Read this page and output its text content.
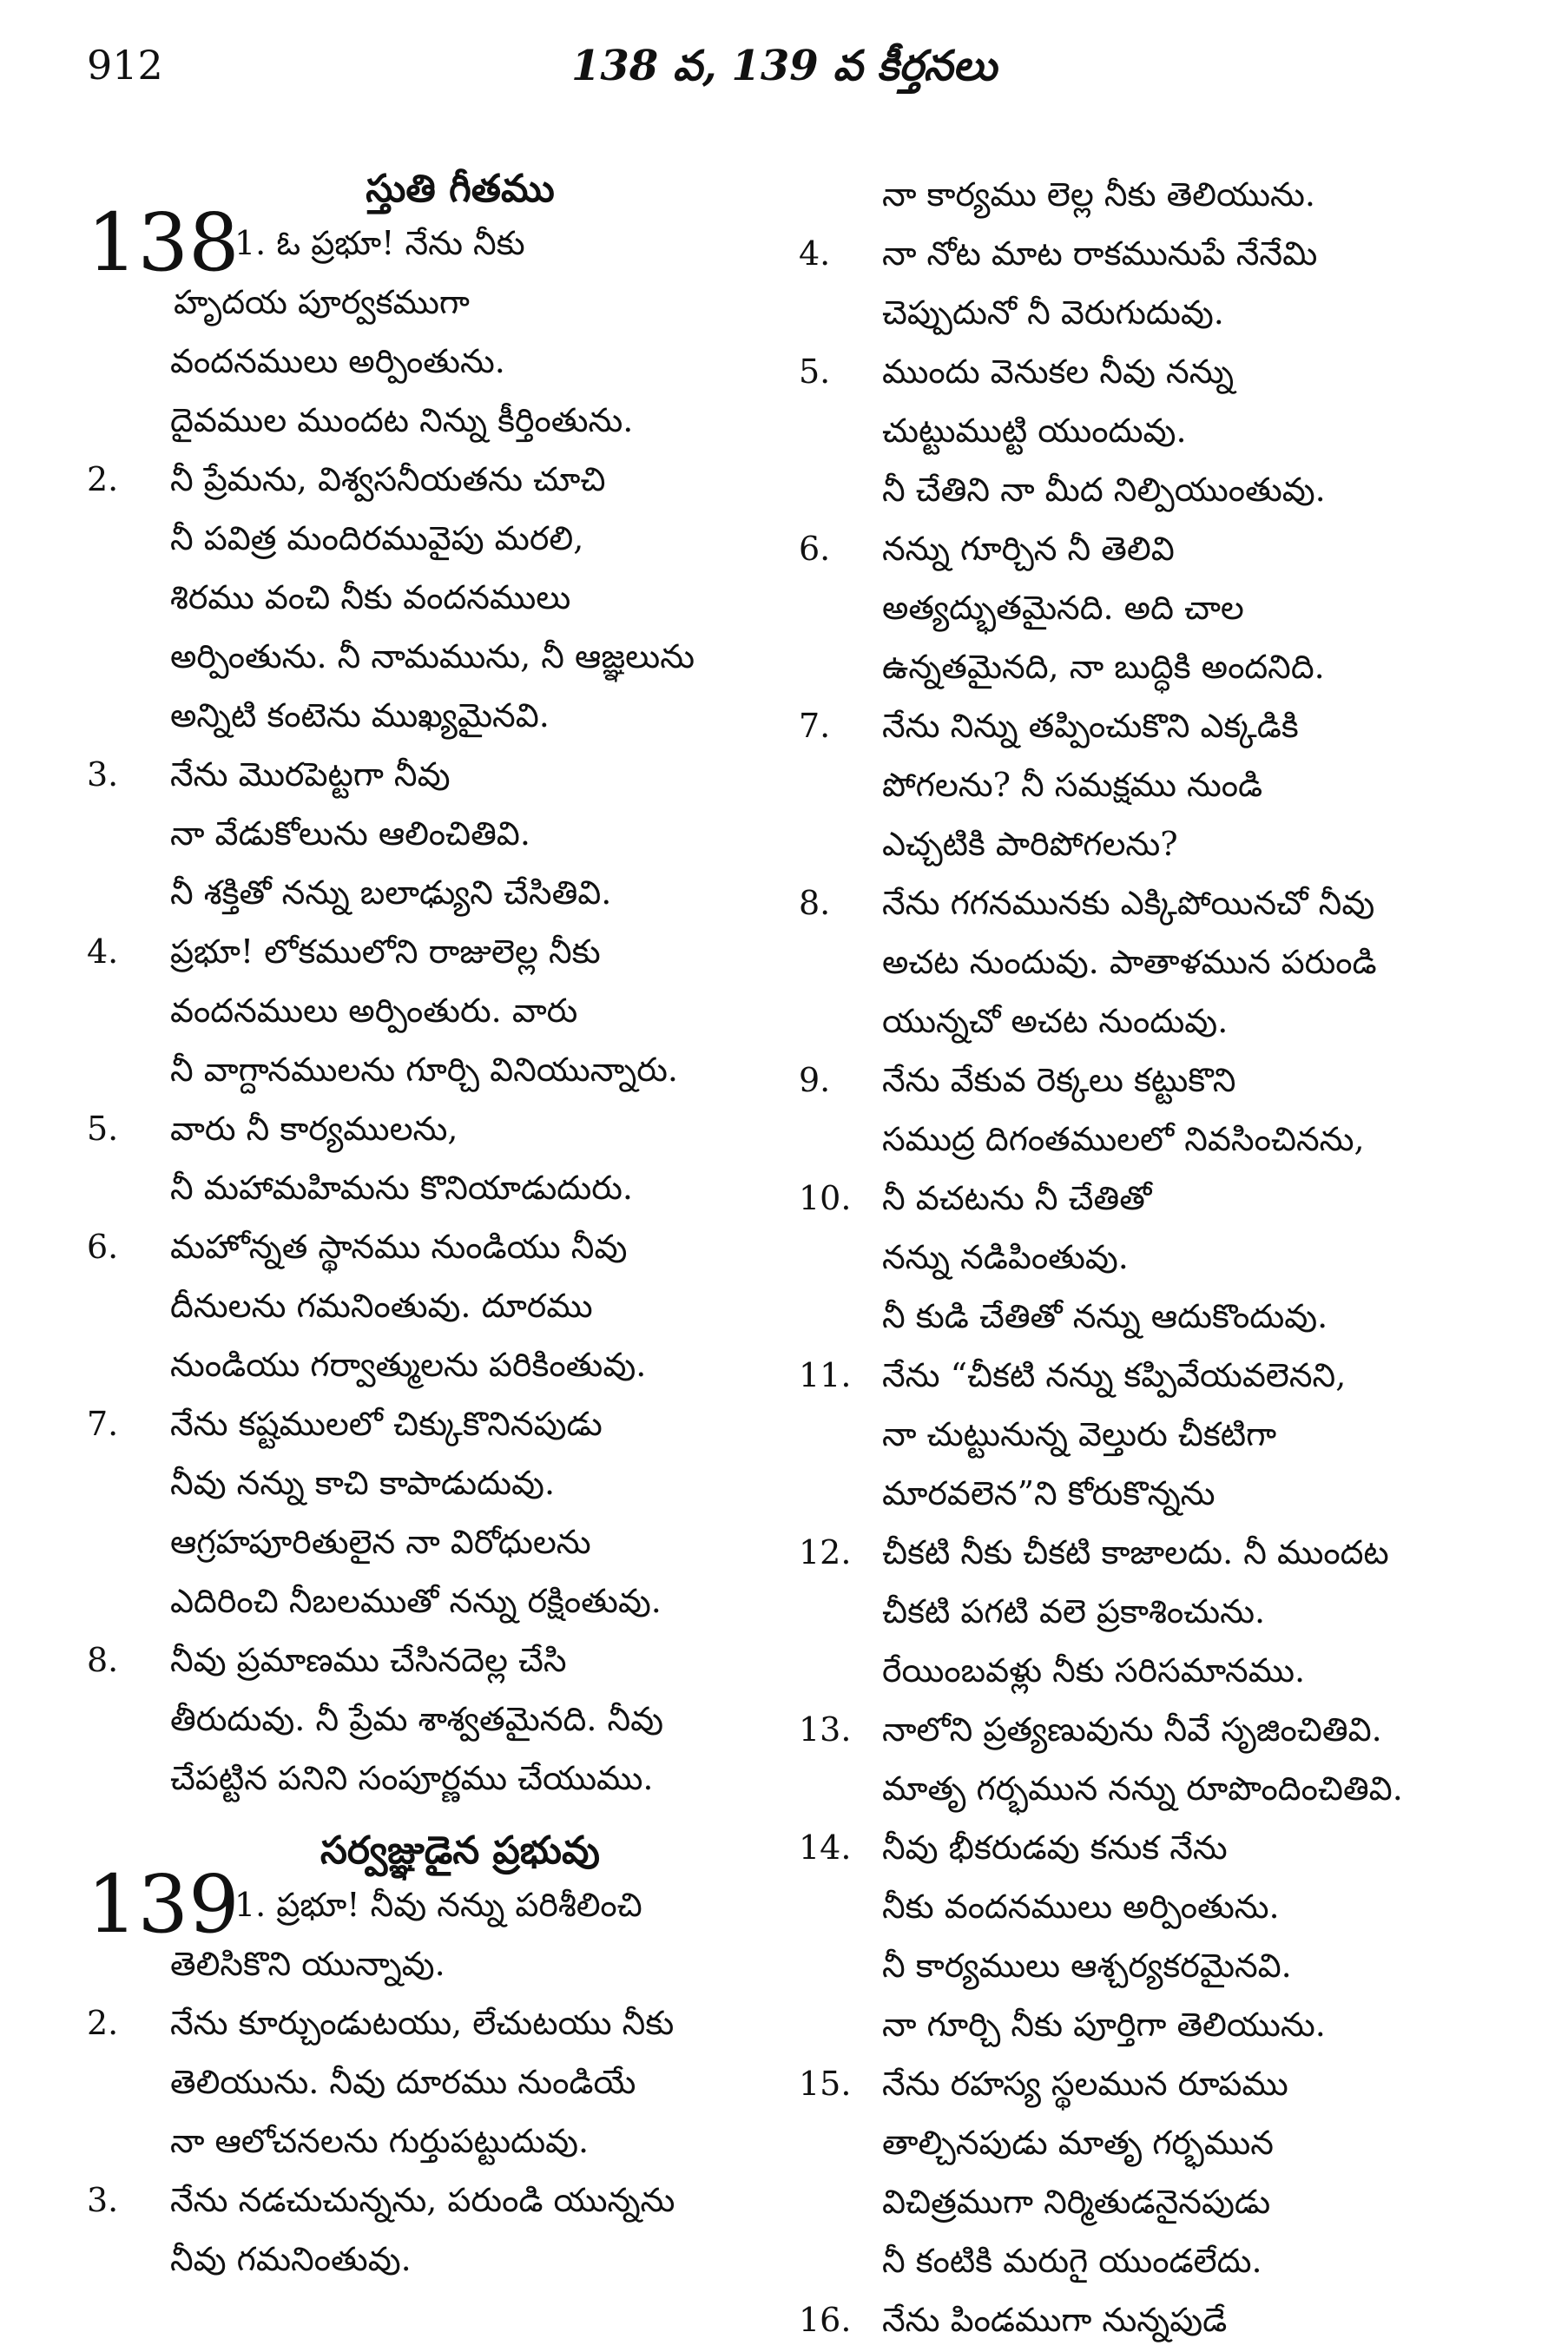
912	138 వ, 139 వ కీర్తనలు
స్తుతి గీతము
138
1. ఓ ప్రభూ! నేను నీకు
హృదయ పూర్వకముగా
వందనములు అర్పింతును.
దైవముల ముందట నిన్ను కీర్తింతును.
2. నీ ప్రేమను, విశ్వసనీయతను చూచి
నీ పవిత్ర మందిరమువైపు మరలి,
శిరము వంచి నీకు వందనములు
అర్పింతును. నీ నామమును, నీ ఆజ్ఞలును
అన్నిటి కంటెను ముఖ్యమైనవి.
3. నేను మొరపెట్టగా నీవు
నా వేడుకోలును ఆలించితివి.
నీ శక్తితో నన్ను బలాఢ్యుని చేసితివి.
4. ప్రభూ! లోకములోని రాజులెల్ల నీకు
వందనములు అర్పింతురు. వారు
నీ వాగ్దానములను గూర్చి వినియున్నారు.
5. వారు నీ కార్యములను,
నీ మహామహిమను కొనియాడుదురు.
6. మహోన్నత స్థానము నుండియు నీవు
దీనులను గమనింతువు. దూరము
నుండియు గర్వాత్ములను పరికింతువు.
7. నేను కష్టములలో చిక్కుకొనినపుడు
నీవు నన్ను కాచి కాపాడుదువు.
ఆగ్రహపూరితులైన నా విరోధులను
ఎదిరించి నీబలముతో నన్ను రక్షింతువు.
8. నీవు ప్రమాణము చేసినదెల్ల చేసి
తీరుదువు. నీ ప్రేమ శాశ్వతమైనది. నీవు
చేపట్టిన పనిని సంపూర్ణము చేయుము.
సర్వజ్ఞుడైన ప్రభువు
139
1. ప్రభూ! నీవు నన్ను పరిశీలించి
తెలిసికొని యున్నావు.
2. నేను కూర్చుండుటయు, లేచుటయు నీకు
తెలియును. నీవు దూరము నుండియే
నా ఆలోచనలను గుర్తుపట్టుదువు.
3. నేను నడచుచున్నను, పరుండి యున్నను
నీవు గమనింతువు.
నా కార్యము లెల్ల నీకు తెలియును.
4. నా నోట మాట రాకమునుపే నేనేమి
చెప్పుదునో నీ వెరుగుదువు.
5. ముందు వెనుకల నీవు నన్ను
చుట్టుముట్టి యుందువు.
నీ చేతిని నా మీద నిల్పియుంతువు.
6. నన్ను గూర్చిన నీ తెలివి
అత్యద్భుతమైనది. అది చాల
ఉన్నతమైనది, నా బుద్ధికి అందనిది.
7. నేను నిన్ను తప్పించుకొని ఎక్కడికి
పోగలను? నీ సమక్షము నుండి
ఎచ్చటికి పారిపోగలను?
8. నేను గగనమునకు ఎక్కిపోయినచో నీవు
అచట నుందువు. పాతాళమున పరుండి
యున్నచో అచట నుందువు.
9. నేను వేకువ రెక్కలు కట్టుకొని
సముద్ర దిగంతములలో నివసించినను,
10. నీ వచటను నీ చేతితో
నన్ను నడిపింతువు.
నీ కుడి చేతితో నన్ను ఆదుకొందువు.
11. నేను “చీకటి నన్ను కప్పివేయవలెనని,
నా చుట్టునున్న వెల్తురు చీకటిగా
మారవలెన”ని కోరుకొన్నను
12. చీకటి నీకు చీకటి కాజాలదు. నీ ముందట
చీకటి పగటి వలె ప్రకాశించును.
రేయింబవళ్లు నీకు సరిసమానము.
13. నాలోని ప్రత్యణువును నీవే సృజించితివి.
మాతృ గర్భమున నన్ను రూపొందించితివి.
14. నీవు భీకరుడవు కనుక నేను
నీకు వందనములు అర్పింతును.
నీ కార్యములు ఆశ్చర్యకరమైనవి.
నా గూర్చి నీకు పూర్తిగా తెలియును.
15. నేను రహస్య స్థలమున రూపము
తాల్చినపుడు మాతృ గర్భమున
విచిత్రముగా నిర్మితుడనైనపుడు
నీ కంటికి మరుగై యుండలేదు.
16. నేను పిండముగా నున్నపుడే
